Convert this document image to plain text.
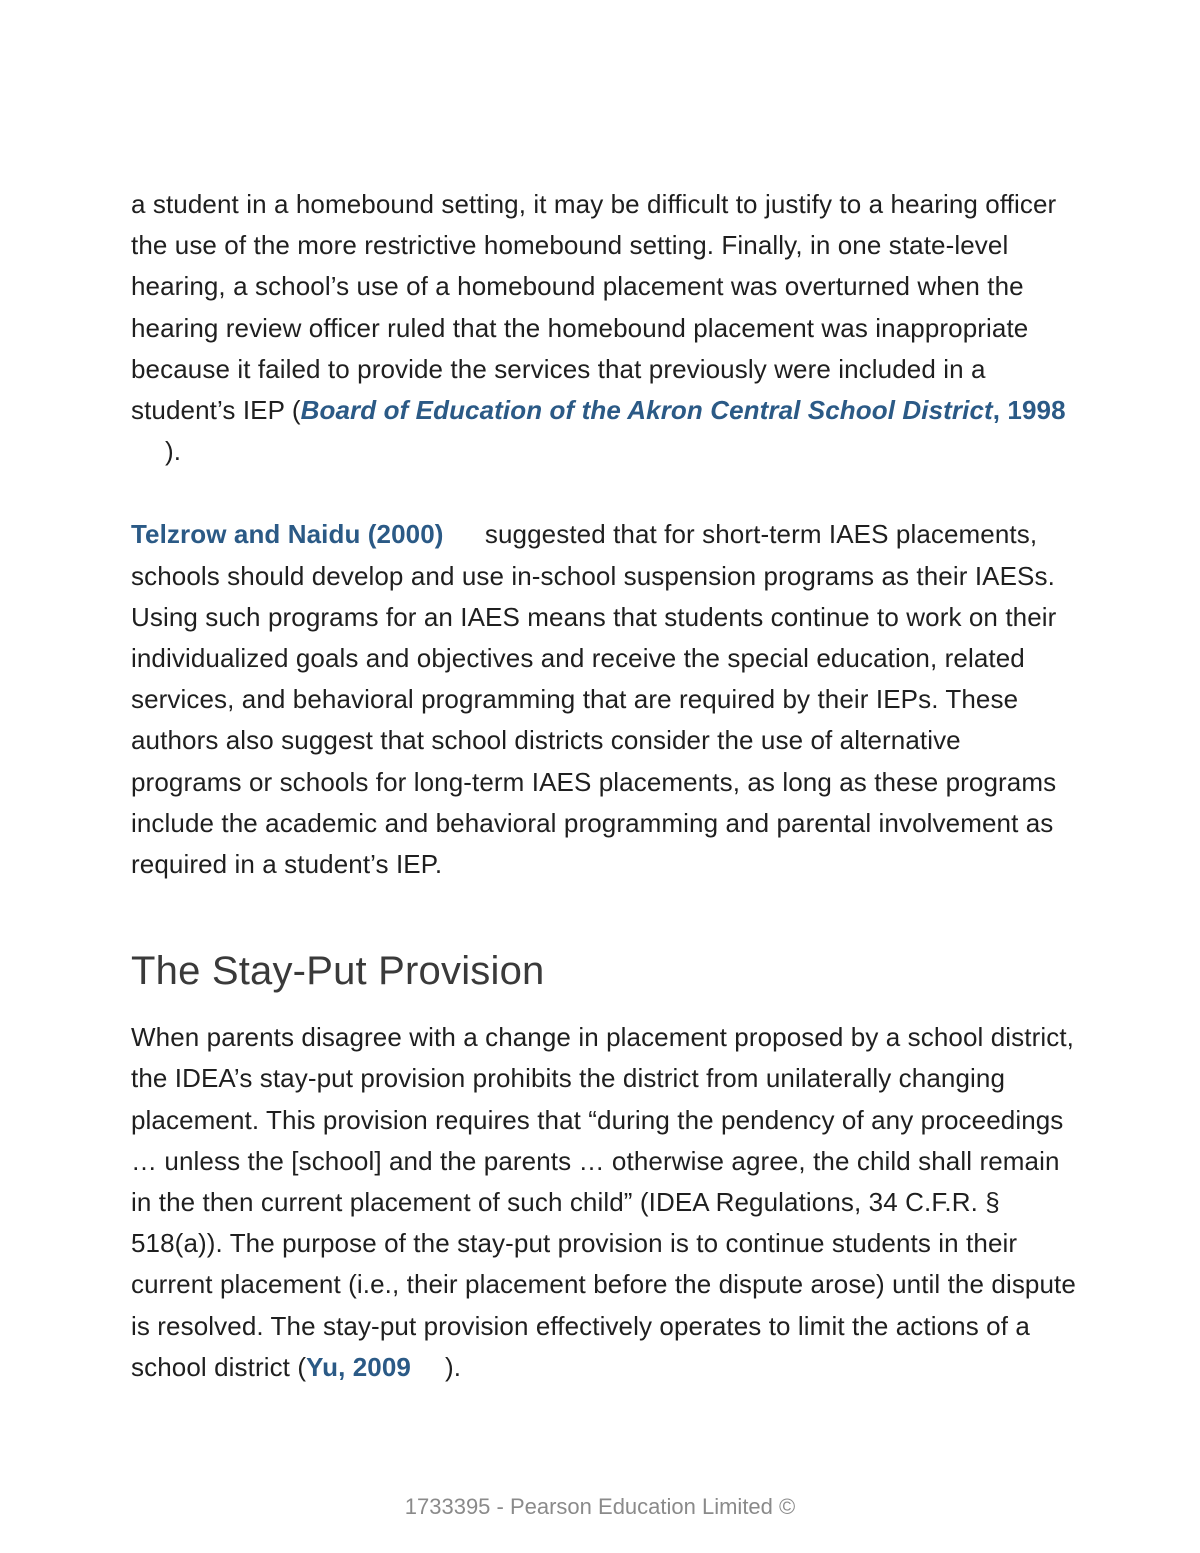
a student in a homebound setting, it may be difficult to justify to a hearing officer the use of the more restrictive homebound setting. Finally, in one state-level hearing, a school’s use of a homebound placement was overturned when the hearing review officer ruled that the homebound placement was inappropriate because it failed to provide the services that previously were included in a student’s IEP (Board of Education of the Akron Central School District, 1998).

Telzrow and Naidu (2000) suggested that for short-term IAES placements, schools should develop and use in-school suspension programs as their IAESs. Using such programs for an IAES means that students continue to work on their individualized goals and objectives and receive the special education, related services, and behavioral programming that are required by their IEPs. These authors also suggest that school districts consider the use of alternative programs or schools for long-term IAES placements, as long as these programs include the academic and behavioral programming and parental involvement as required in a student’s IEP.

The Stay-Put Provision

When parents disagree with a change in placement proposed by a school district, the IDEA’s stay-put provision prohibits the district from unilaterally changing placement. This provision requires that “during the pendency of any proceedings … unless the [school] and the parents … otherwise agree, the child shall remain in the then current placement of such child” (IDEA Regulations, 34 C.F.R. § 518(a)). The purpose of the stay-put provision is to continue students in their current placement (i.e., their placement before the dispute arose) until the dispute is resolved. The stay-put provision effectively operates to limit the actions of a school district (Yu, 2009 ).

1733395 - Pearson Education Limited ©
